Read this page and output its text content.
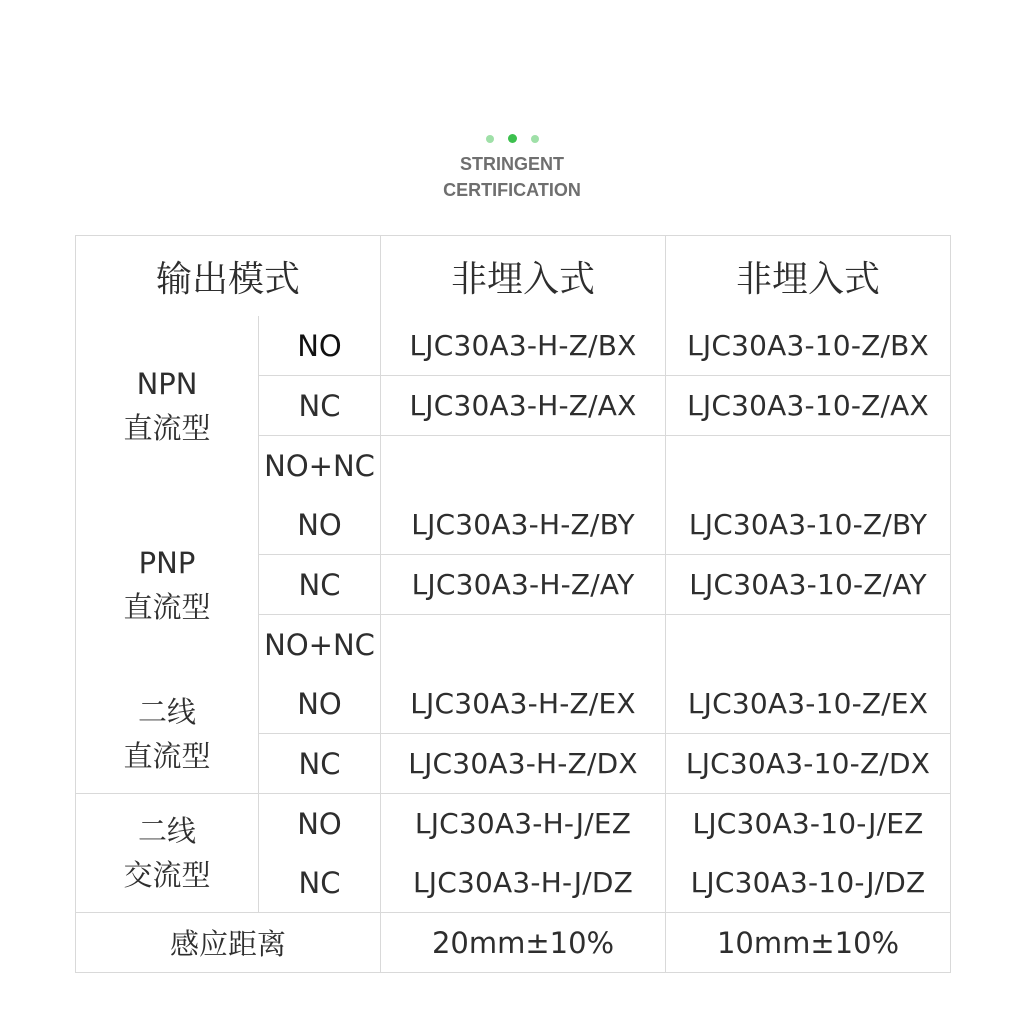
STRINGENT
CERTIFICATION
输出模式		非埋入式	非埋入式

NPN
直流型	NO	LJC30A3-H-Z/BX	LJC30A3-10-Z/BX
	NC	LJC30A3-H-Z/AX	LJC30A3-10-Z/AX
	NO+NC		

PNP
直流型	NO	LJC30A3-H-Z/BY	LJC30A3-10-Z/BY
	NC	LJC30A3-H-Z/AY	LJC30A3-10-Z/AY
	NO+NC		

二线
直流型	NO	LJC30A3-H-Z/EX	LJC30A3-10-Z/EX
	NC	LJC30A3-H-Z/DX	LJC30A3-10-Z/DX

二线
交流型	NO	LJC30A3-H-J/EZ	LJC30A3-10-J/EZ
	NC	LJC30A3-H-J/DZ	LJC30A3-10-J/DZ
感应距离		20mm±10%	10mm±10%
